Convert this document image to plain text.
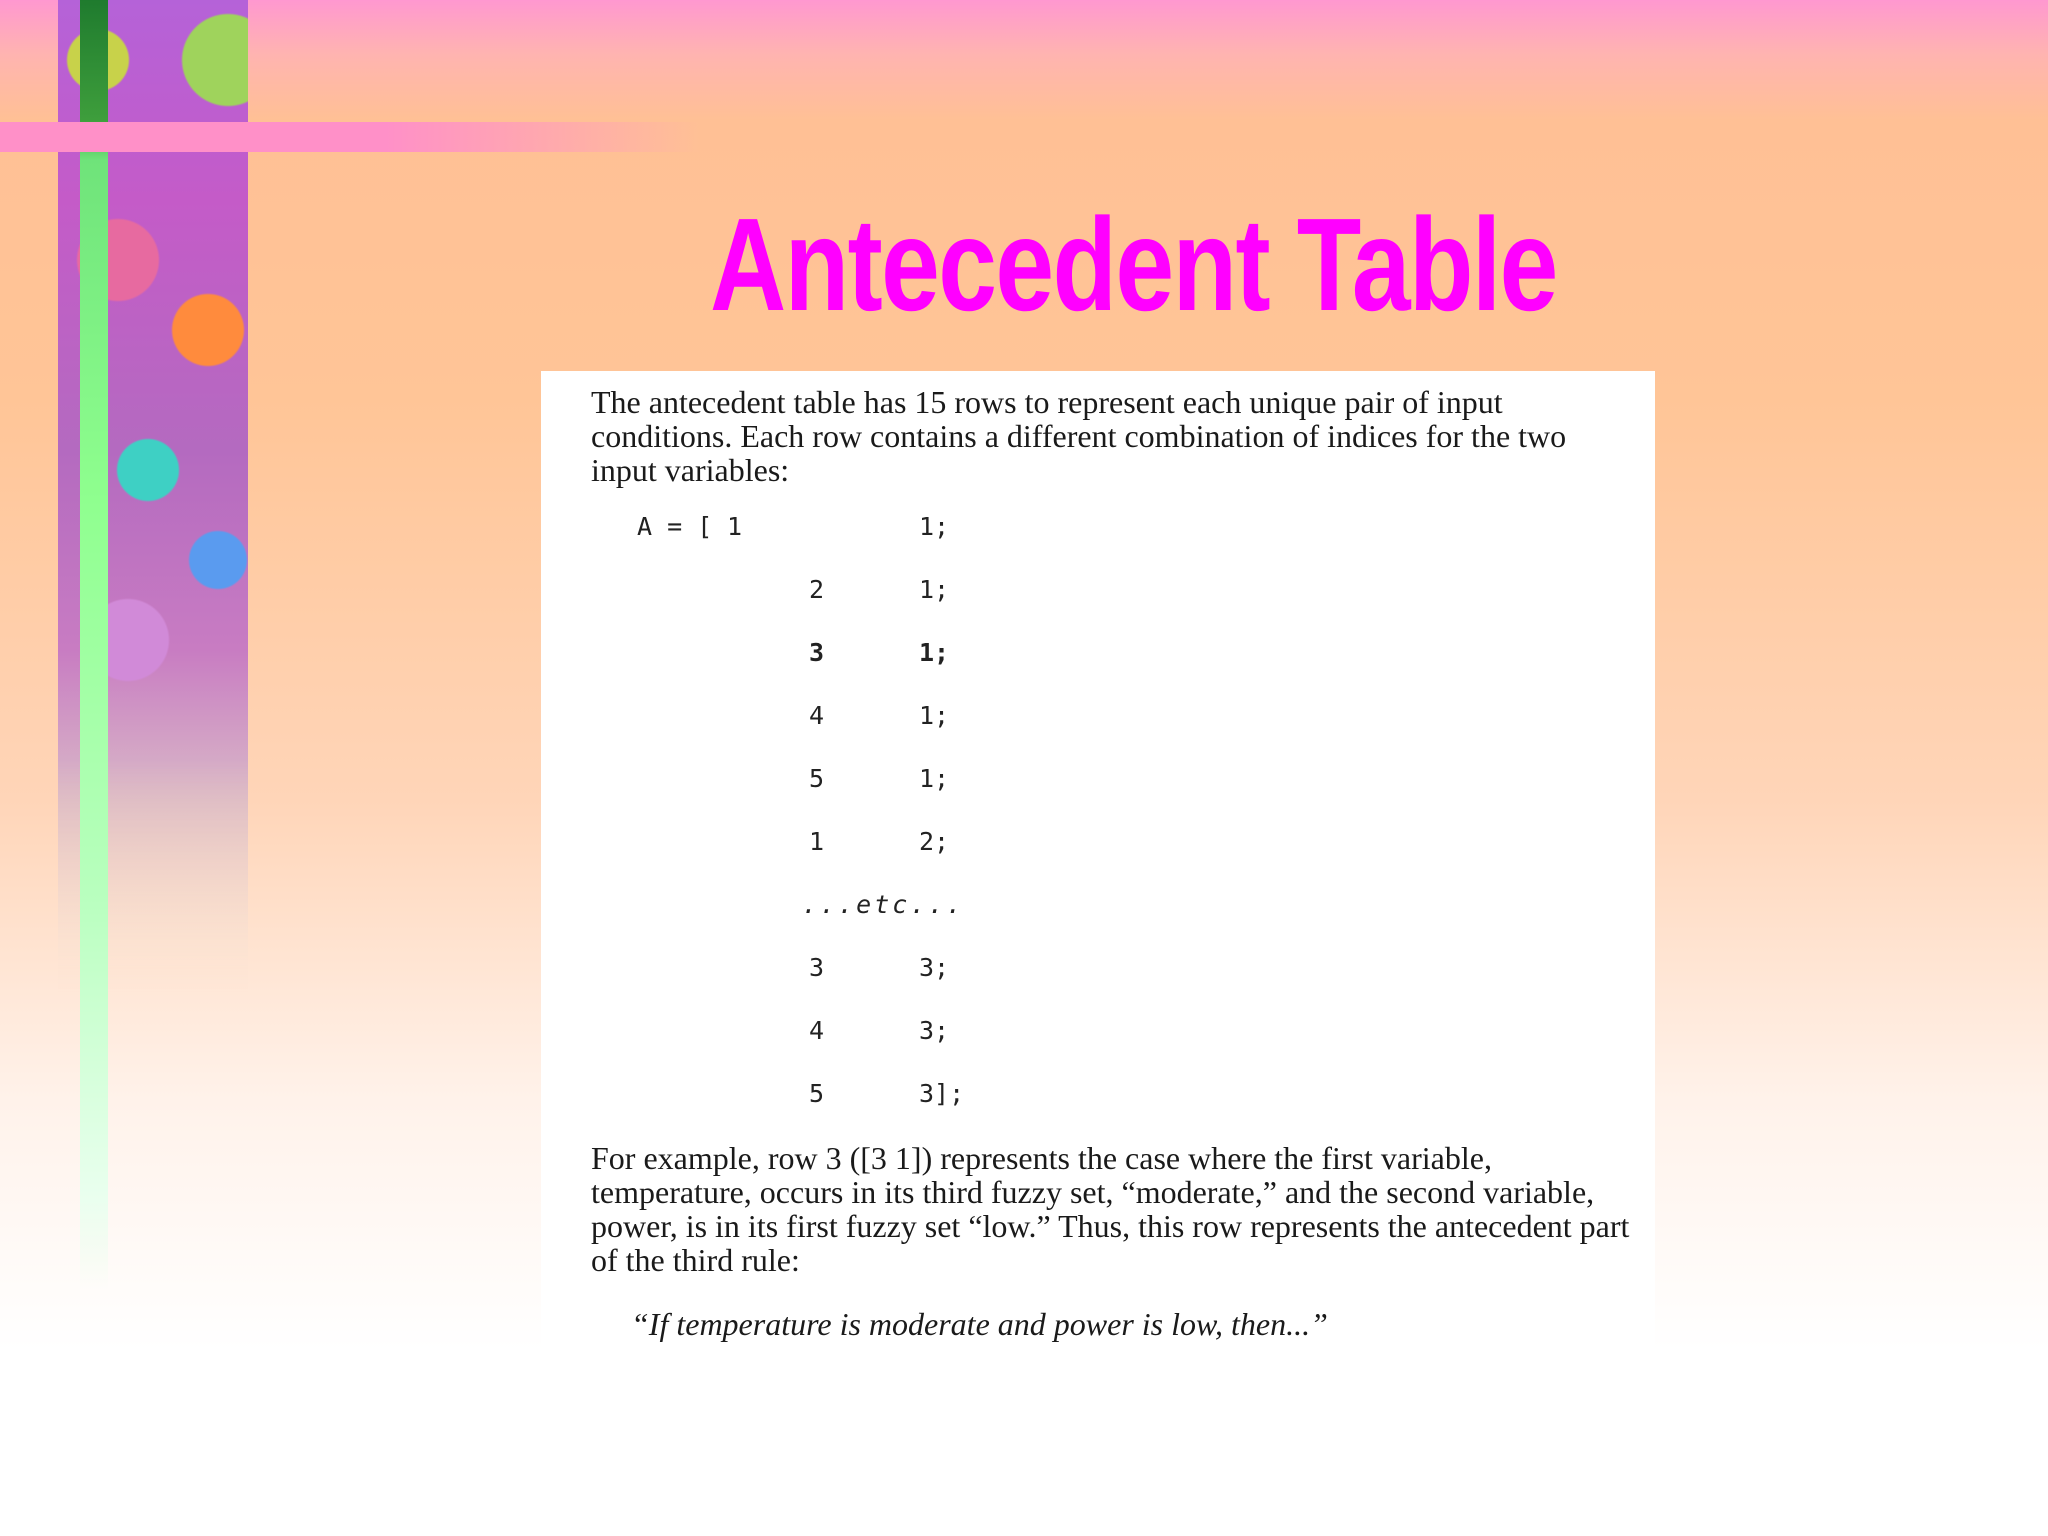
Antecedent Table

The antecedent table has 15 rows to represent each unique pair of input conditions. Each row contains a different combination of indices for the two input variables:

A = [ 1	1;
2	1;
3	1;
4	1;
5	1;
1	2;
...etc...
3	3;
4	3;
5	3];

For example, row 3 ([3 1]) represents the case where the first variable, temperature, occurs in its third fuzzy set, “moderate,” and the second variable, power, is in its first fuzzy set “low.” Thus, this row represents the antecedent part of the third rule:

“If temperature is moderate and power is low, then...”
